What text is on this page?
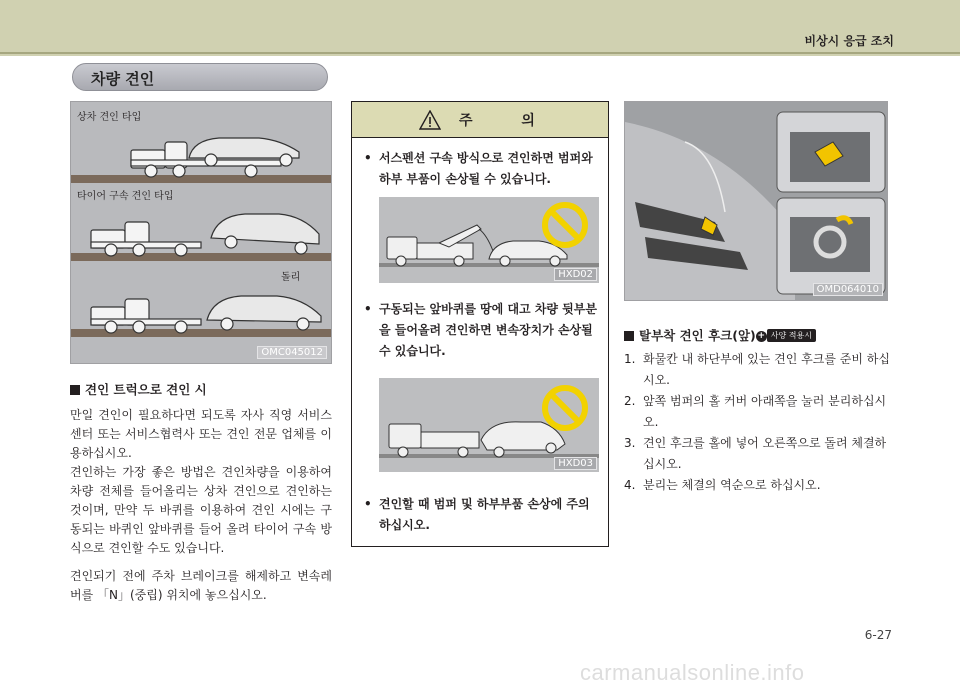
비상시 응급 조치
차량 견인
상차 견인 타입
타이어 구속 견인 타입
돌리
OMC045012
견인 트럭으로 견인 시
만일 견인이 필요하다면 되도록 자사 직영 서비스센터 또는 서비스협력사 또는 견인 전문 업체를 이용하십시오.
견인하는 가장 좋은 방법은 견인차량을 이용하여 차량 전체를 들어올리는 상차 견인으로 견인하는 것이며, 만약 두 바퀴를 이용하여 견인 시에는 구동되는 바퀴인 앞바퀴를 들어 올려 타이어 구속 방식으로 견인할 수도 있습니다.
견인되기 전에 주차 브레이크를 해제하고 변속레버를 「N」(중립) 위치에 놓으십시오.
주 의
• 서스펜션 구속 방식으로 견인하면 범퍼와 하부 부품이 손상될 수 있습니다.
HXD02
• 구동되는 앞바퀴를 땅에 대고 차량 뒷부분을 들어올려 견인하면 변속장치가 손상될 수 있습니다.
HXD03
• 견인할 때 범퍼 및 하부부품 손상에 주의하십시오.
OMD064010
탈부착 견인 후크(앞) + 사양 적용시
1. 화물칸 내 하단부에 있는 견인 후크를 준비 하십시오.
2. 앞쪽 범퍼의 홀 커버 아래쪽을 눌러 분리하십시오.
3. 견인 후크를 홀에 넣어 오른쪽으로 돌려 체결하십시오.
4. 분리는 체결의 역순으로 하십시오.
6-27
carmanualsonline.info
